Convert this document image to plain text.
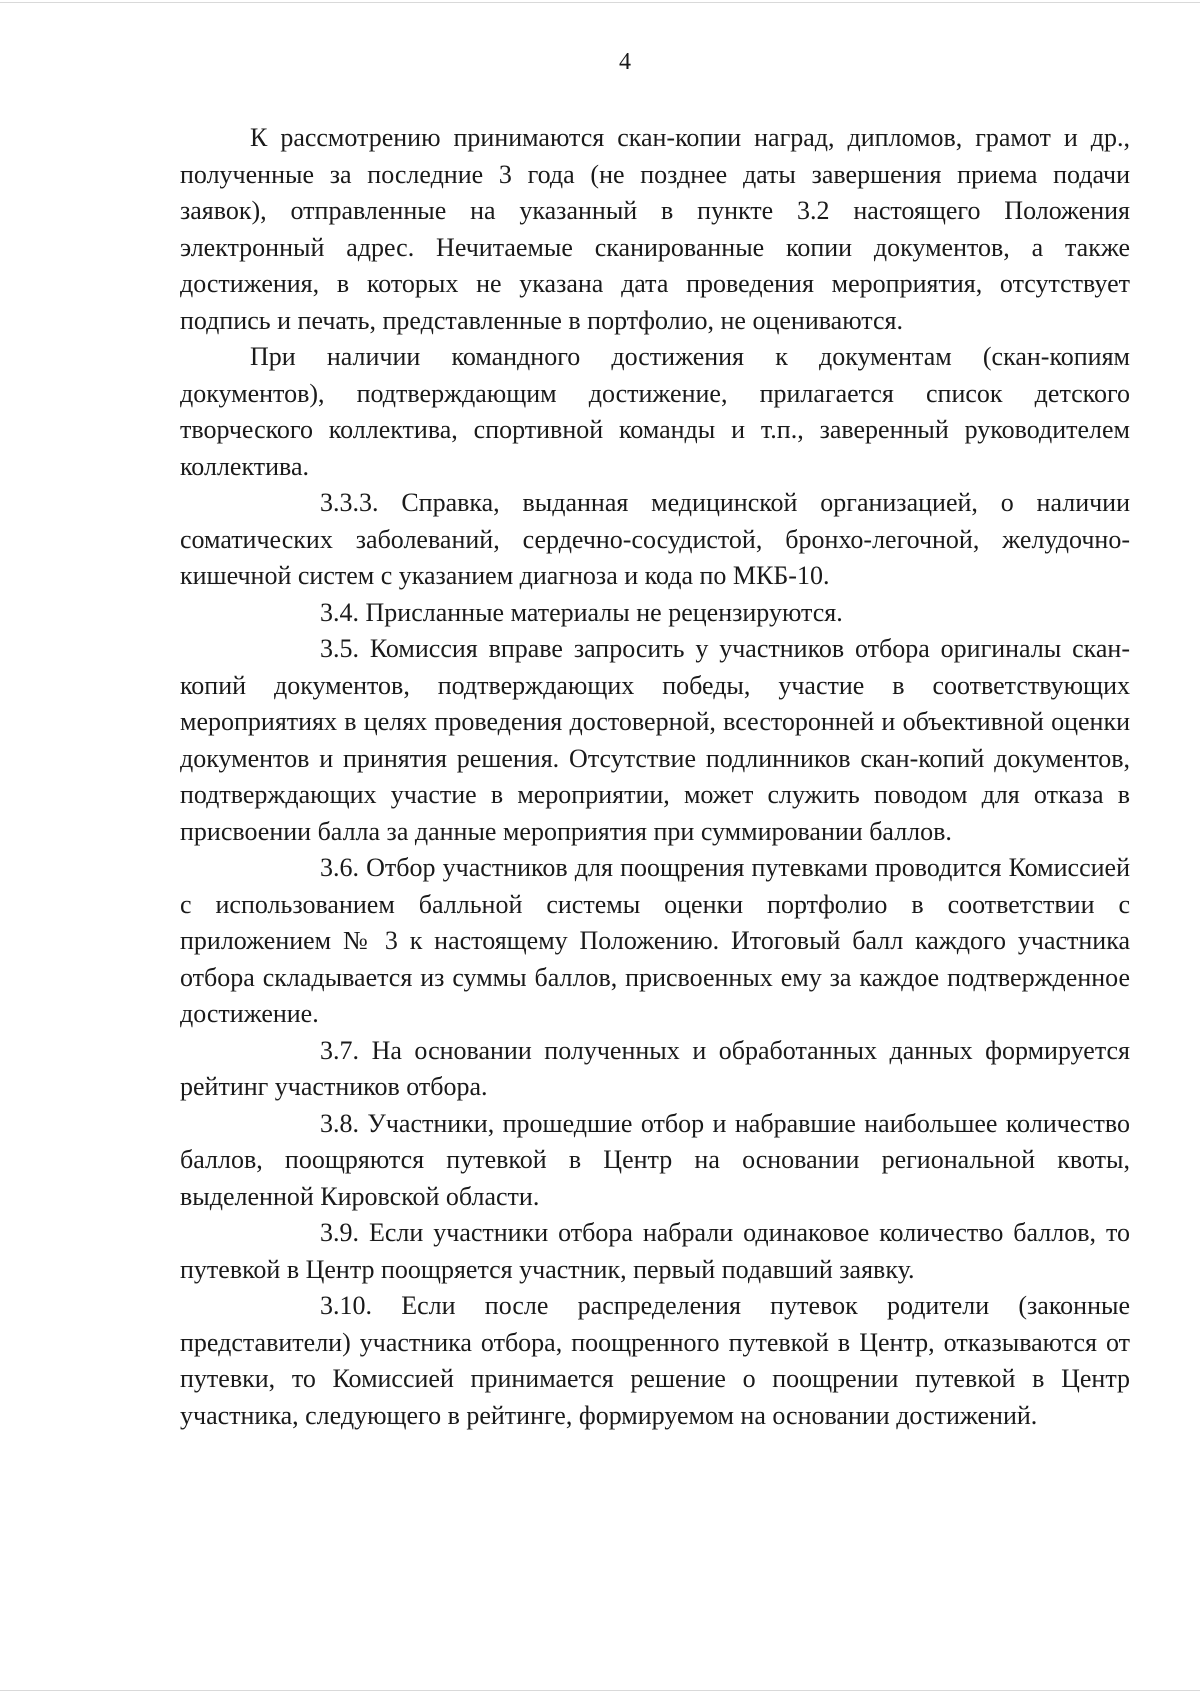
4

К рассмотрению принимаются скан-копии наград, дипломов, грамот и др., полученные за последние 3 года (не позднее даты завершения приема подачи заявок), отправленные на указанный в пункте 3.2 настоящего Положения электронный адрес. Нечитаемые сканированные копии документов, а также достижения, в которых не указана дата проведения мероприятия, отсутствует подпись и печать, представленные в портфолио, не оцениваются.

При наличии командного достижения к документам (скан-копиям документов), подтверждающим достижение, прилагается список детского творческого коллектива, спортивной команды и т.п., заверенный руководителем коллектива.

3.3.3. Справка, выданная медицинской организацией, о наличии соматических заболеваний, сердечно-сосудистой, бронхо-легочной, желудочно-кишечной систем с указанием диагноза и кода по МКБ-10.

3.4. Присланные материалы не рецензируются.

3.5. Комиссия вправе запросить у участников отбора оригиналы скан-копий документов, подтверждающих победы, участие в соответствующих мероприятиях в целях проведения достоверной, всесторонней и объективной оценки документов и принятия решения. Отсутствие подлинников скан-копий документов, подтверждающих участие в мероприятии, может служить поводом для отказа в присвоении балла за данные мероприятия при суммировании баллов.

3.6. Отбор участников для поощрения путевками проводится Комиссией с использованием балльной системы оценки портфолио в соответствии с приложением № 3 к настоящему Положению. Итоговый балл каждого участника отбора складывается из суммы баллов, присвоенных ему за каждое подтвержденное достижение.

3.7. На основании полученных и обработанных данных формируется рейтинг участников отбора.

3.8. Участники, прошедшие отбор и набравшие наибольшее количество баллов, поощряются путевкой в Центр на основании региональной квоты, выделенной Кировской области.

3.9. Если участники отбора набрали одинаковое количество баллов, то путевкой в Центр поощряется участник, первый подавший заявку.

3.10. Если после распределения путевок родители (законные представители) участника отбора, поощренного путевкой в Центр, отказываются от путевки, то Комиссией принимается решение о поощрении путевкой в Центр участника, следующего в рейтинге, формируемом на основании достижений.
